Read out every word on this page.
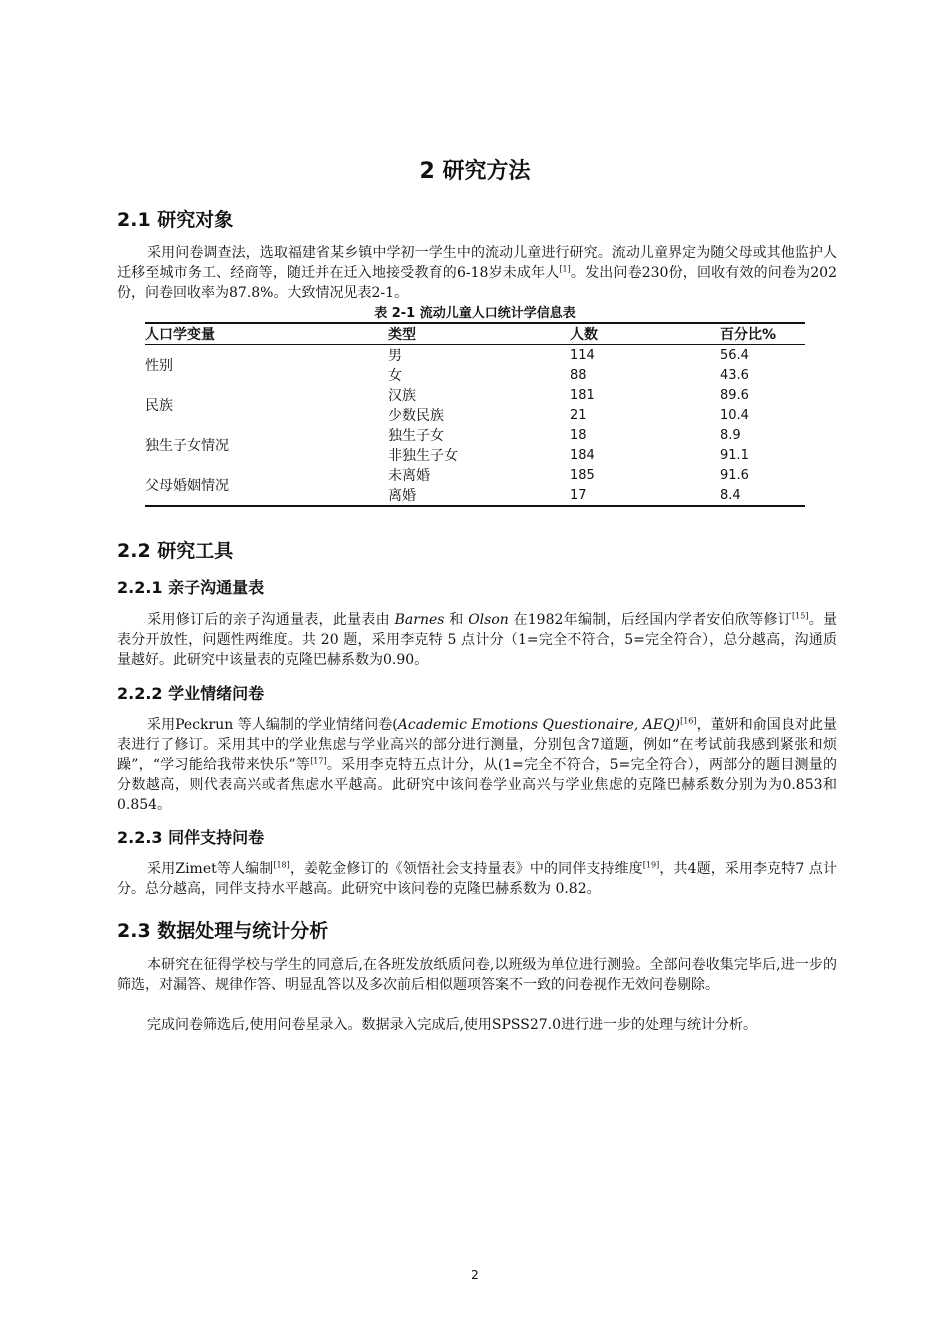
2 研究方法
2.1 研究对象
采用问卷调查法，选取福建省某乡镇中学初一学生中的流动儿童进行研究。流动儿童界定为随父母或其他监护人迁移至城市务工、经商等，随迁并在迁入地接受教育的6-18岁未成年人[1]。发出问卷230份，回收有效的问卷为202份，问卷回收率为87.8%。大致情况见表2-1。
表 2-1 流动儿童人口统计学信息表
人口学变量	类型	人数	百分比%
性别	男	114	56.4
	女	88	43.6
民族	汉族	181	89.6
	少数民族	21	10.4
独生子女情况	独生子女	18	8.9
	非独生子女	184	91.1
父母婚姻情况	未离婚	185	91.6
	离婚	17	8.4
2.2 研究工具
2.2.1 亲子沟通量表
采用修订后的亲子沟通量表，此量表由 Barnes 和 Olson 在1982年编制，后经国内学者安伯欣等修订[15]。量表分开放性，问题性两维度。共 20 题，采用李克特 5 点计分（1=完全不符合，5=完全符合），总分越高，沟通质量越好。此研究中该量表的克隆巴赫系数为0.90。
2.2.2 学业情绪问卷
采用Peckrun 等人编制的学业情绪问卷(Academic Emotions Questionaire, AEQ)[16]，董妍和俞国良对此量表进行了修订。采用其中的学业焦虑与学业高兴的部分进行测量，分别包含7道题，例如“在考试前我感到紧张和烦躁”，“学习能给我带来快乐”等[17]。采用李克特五点计分，从(1=完全不符合，5=完全符合），两部分的题目测量的分数越高，则代表高兴或者焦虑水平越高。此研究中该问卷学业高兴与学业焦虑的克隆巴赫系数分别为为0.853和0.854。
2.2.3 同伴支持问卷
采用Zimet等人编制[18]，姜乾金修订的《领悟社会支持量表》中的同伴支持维度[19]，共4题，采用李克特7 点计分。总分越高，同伴支持水平越高。此研究中该问卷的克隆巴赫系数为 0.82。
2.3 数据处理与统计分析
本研究在征得学校与学生的同意后,在各班发放纸质问卷,以班级为单位进行测验。全部问卷收集完毕后,进一步的筛选，对漏答、规律作答、明显乱答以及多次前后相似题项答案不一致的问卷视作无效问卷剔除。
完成问卷筛选后,使用问卷星录入。数据录入完成后,使用SPSS27.0进行进一步的处理与统计分析。
2
